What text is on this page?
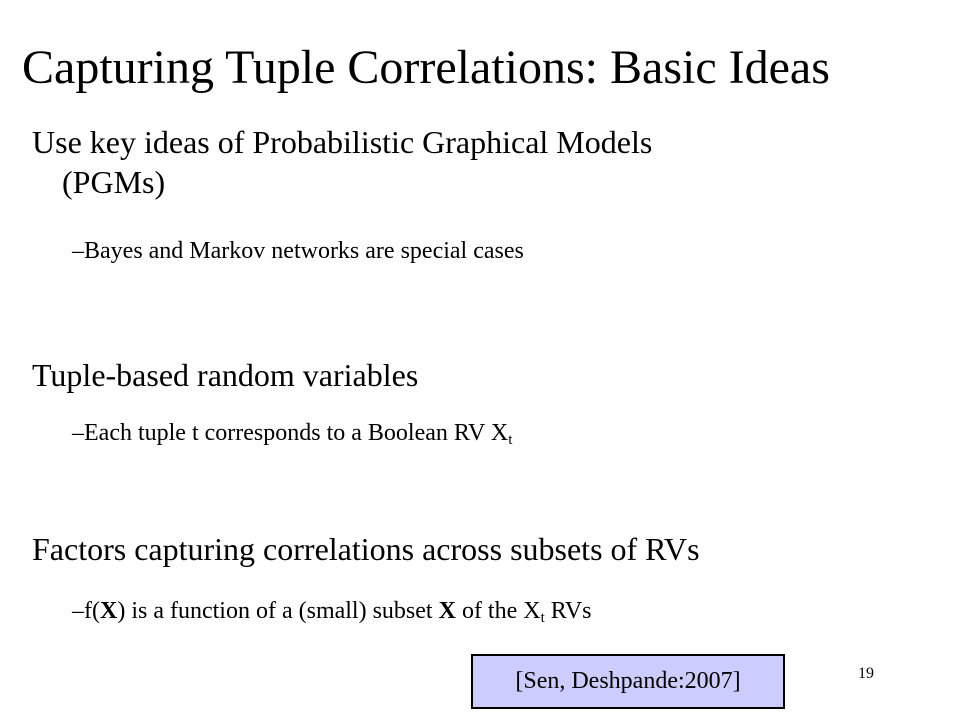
Capturing Tuple Correlations: Basic Ideas
Use key ideas of Probabilistic Graphical Models
(PGMs)
–Bayes and Markov networks are special cases
Tuple-based random variables
–Each tuple t corresponds to a Boolean RV $X_t$
Factors capturing correlations across subsets of RVs
–f(X) is a function of a (small) subset X of the $X_t$ RVs
[Sen, Deshpande:2007]	19
